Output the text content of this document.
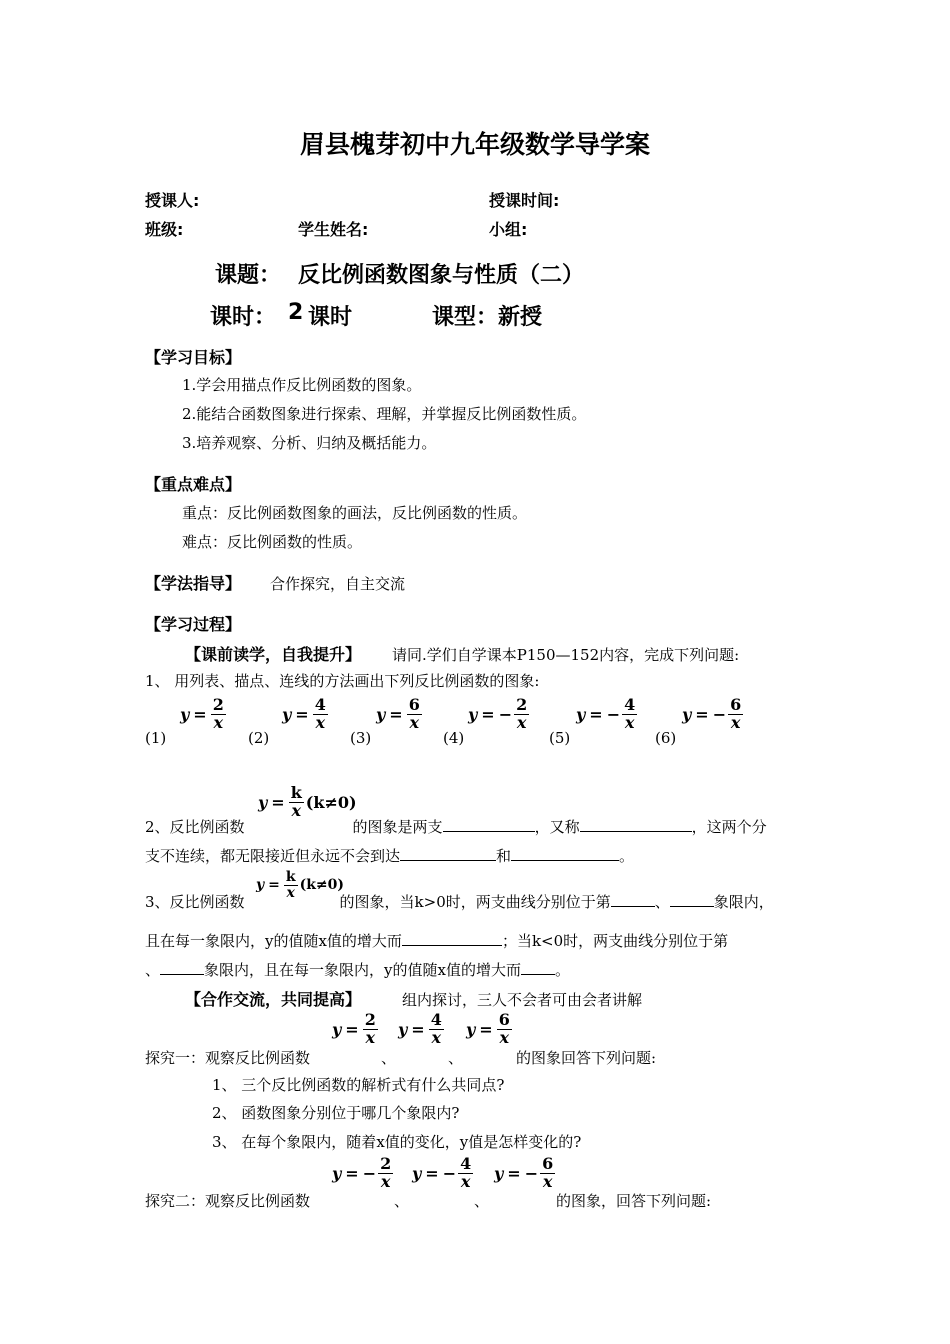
眉县槐芽初中九年级数学导学案
授课人:	授课时间:
班级:	学生姓名:	小组:
课题： 反比例函数图象与性质（二）
课时： 2 课时	课型：新授
【学习目标】
1.学会用描点作反比例函数的图象。
2.能结合函数图象进行探索、理解，并掌握反比例函数性质。
3.培养观察、分析、归纳及概括能力。
【重点难点】
重点：反比例函数图象的画法，反比例函数的性质。
难点：反比例函数的性质。
【学法指导】 合作探究，自主交流
【学习过程】
【课前读学，自我提升】 请同.学们自学课本P150—152内容，完成下列问题:
1、 用列表、描点、连线的方法画出下列反比例函数的图象:
(1)
$y = \frac{2}{x}$
(2)
$y = \frac{4}{x}$
(3)
$y = \frac{6}{x}$
(4)
y = − $\frac{2}{x}$
(5)
y = − $\frac{4}{x}$
(6)
y = − $\frac{6}{x}$
$y = \frac{k}{x} (k\ne 0)$
2、反比例函数	的图象是两支	，又称	，这两个分
支不连续，都无限接近但永远不会到达	和	。
$y = \frac{k}{x} (k\ne 0)$
3、反比例函数	的图象，当k>0时，两支曲线分别位于第	、	象限内，
且在每一象限内，y的值随x值的增大而	；当k<0时，两支曲线分别位于第
、	象限内，且在每一象限内，y的值随x值的增大而 。
【合作交流，共同提高】	组内探讨，三人不会者可由会者讲解
探究一：观察反比例函数
$y = \frac{2}{x}$
、
$y = \frac{4}{x}$
、
$y = \frac{6}{x}$
的图象回答下列问题:
1、 三个反比例函数的解析式有什么共同点?
2、 函数图象分别位于哪几个象限内?
3、 在每个象限内，随着x值的变化，y值是怎样变化的?
探究二：观察反比例函数
y = − $\frac{2}{x}$
、
y = − $\frac{4}{x}$
、
y = − $\frac{6}{x}$
的图象，回答下列问题:
